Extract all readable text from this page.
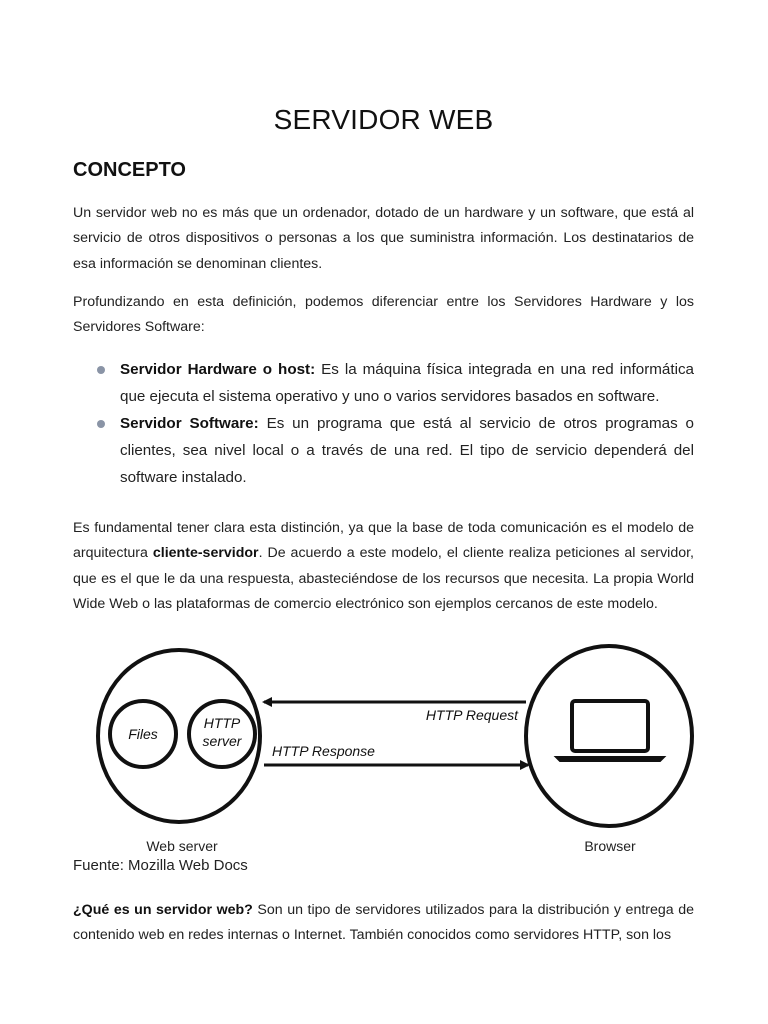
SERVIDOR WEB
CONCEPTO
Un servidor web no es más que un ordenador, dotado de un hardware y un software, que está al servicio de otros dispositivos o personas a los que suministra información. Los destinatarios de esa información se denominan clientes.
Profundizando en esta definición, podemos diferenciar entre los Servidores Hardware y los Servidores Software:
Servidor Hardware o host: Es la máquina física integrada en una red informática que ejecuta el sistema operativo y uno o varios servidores basados en software.
Servidor Software: Es un programa que está al servicio de otros programas o clientes, sea nivel local o a través de una red. El tipo de servicio dependerá del software instalado.
Es fundamental tener clara esta distinción, ya que la base de toda comunicación es el modelo de arquitectura cliente-servidor. De acuerdo a este modelo, el cliente realiza peticiones al servidor, que es el que le da una respuesta, abasteciéndose de los recursos que necesita. La propia World Wide Web o las plataformas de comercio electrónico son ejemplos cercanos de este modelo.
Fuente: Mozilla Web Docs
¿Qué es un servidor web? Son un tipo de servidores utilizados para la distribución y entrega de contenido web en redes internas o Internet. También conocidos como servidores HTTP, son los
Files
HTTP
server
HTTP Request
HTTP Response
Web server	Browser
